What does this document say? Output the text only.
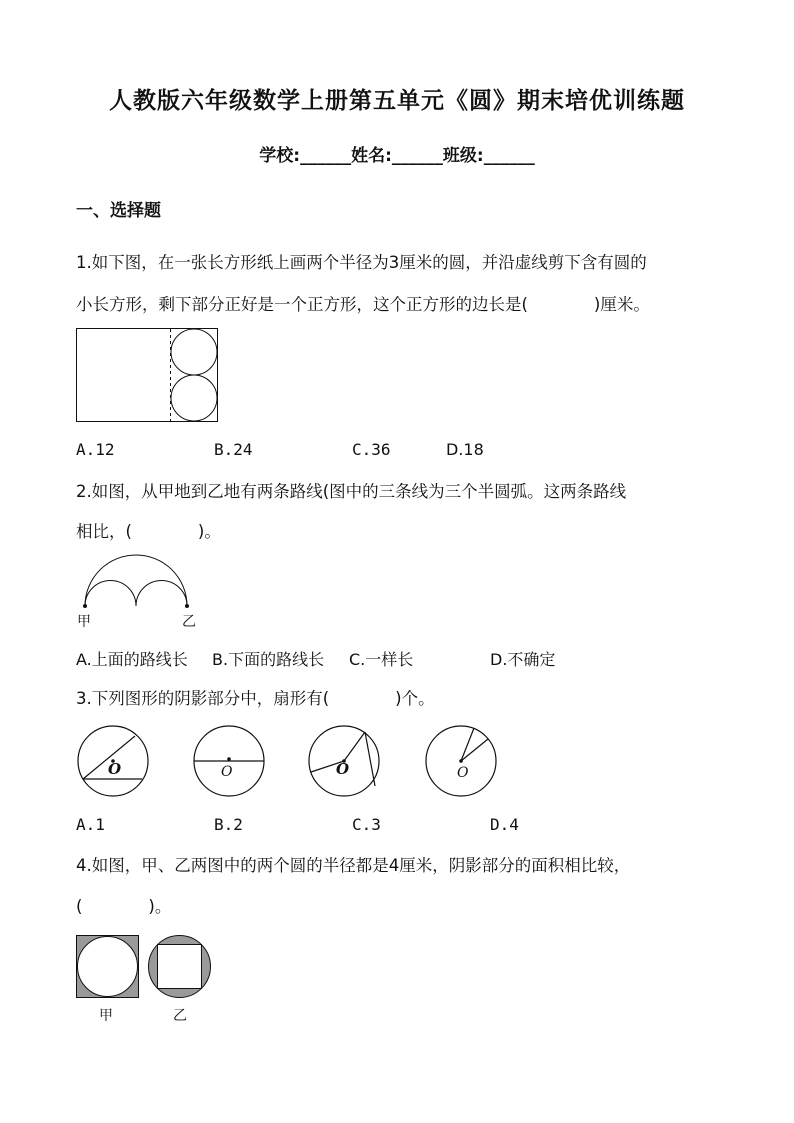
人教版六年级数学上册第五单元《圆》期末培优训练题
学校:______姓名:______班级:______
一、选择题
1.如下图，在一张长方形纸上画两个半径为3厘米的圆，并沿虚线剪下含有圆的
小长方形，剩下部分正好是一个正方形，这个正方形的边长是(　　　　)厘米。
A.12	B.24	C.36	D.18
2.如图，从甲地到乙地有两条路线(图中的三条线为三个半圆弧。这两条路线
相比，(　　　　)。
甲	乙
A.上面的路线长 B.下面的路线长 C.一样长	D.不确定
3.下列图形的阴影部分中，扇形有(　　　　)个。
O	O	O	O
A.1	B.2	C.3	D.4
4.如图，甲、乙两图中的两个圆的半径都是4厘米，阴影部分的面积相比较，
(　　　　)。
甲	乙
